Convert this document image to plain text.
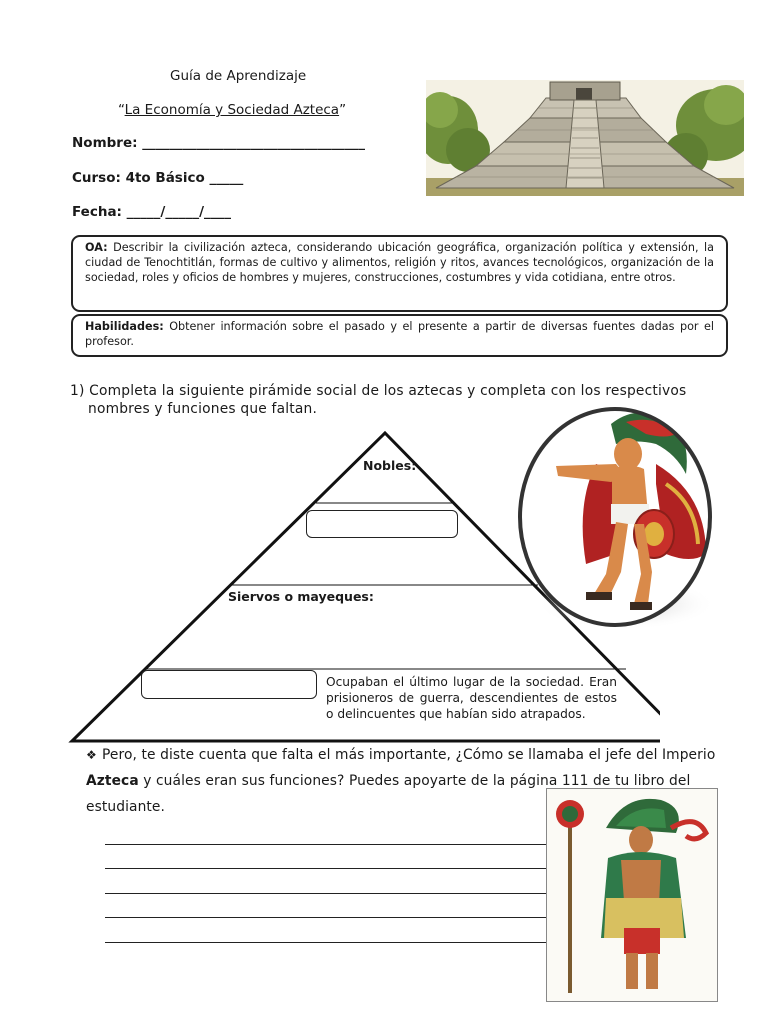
Guía de Aprendizaje
“La Economía y Sociedad Azteca”
Nombre: _________________________________
Curso: 4to Básico _____
Fecha: _____/_____/____
OA: Describir la civilización azteca, considerando ubicación geográfica, organización política y extensión, la ciudad de Tenochtitlán, formas de cultivo y alimentos, religión y ritos, avances tecnológicos, organización de la sociedad, roles y oficios de hombres y mujeres, construcciones, costumbres y vida cotidiana, entre otros.
Habilidades: Obtener información sobre el pasado y el presente a partir de diversas fuentes dadas por el profesor.
1) Completa la siguiente pirámide social de los aztecas y completa con los respectivos
nombres y funciones que faltan.
Nobles:
Siervos o mayeques:
Ocupaban el último lugar de la sociedad. Eran prisioneros de guerra, descendientes de estos o delincuentes que habían sido atrapados.
❖ Pero, te diste cuenta que falta el más importante, ¿Cómo se llamaba el jefe del Imperio Azteca y cuáles eran sus funciones? Puedes apoyarte de la página 111 de tu libro del estudiante.
